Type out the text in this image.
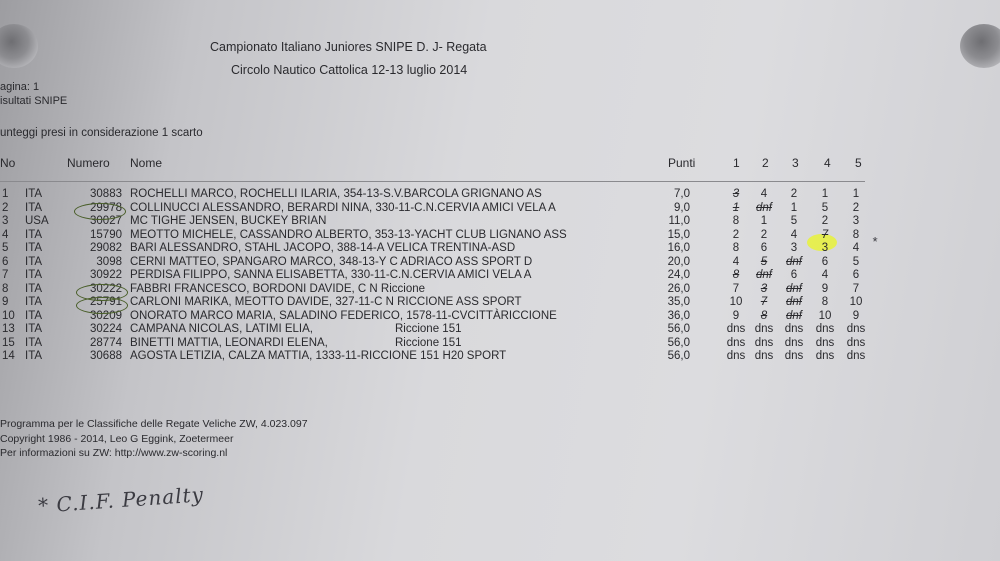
Campionato Italiano Juniores SNIPE D. J- Regata
Circolo Nautico Cattolica 12-13 luglio 2014
agina: 1
isultati SNIPE
unteggi presi in considerazione 1 scarto
No	Numero Nome	Punti	1 2 3 4 5
1 ITA	30883 ROCHELLI MARCO, ROCHELLI ILARIA, 354-13-S.V.BARCOLA GRIGNANO AS	7,0	3	4	2	1	1
2 ITA	29978 COLLINUCCI ALESSANDRO, BERARDI NINA, 330-11-C.N.CERVIA AMICI VELA A	9,0	1	dnf	1	5	2
3 USA	30027 MC TIGHE JENSEN, BUCKEY BRIAN	11,0	8	1	5	2	3
4 ITA	15790 MEOTTO MICHELE, CASSANDRO ALBERTO, 353-13-YACHT CLUB LIGNANO ASS	15,0	2	2	4	7	8
5 ITA	29082 BARI ALESSANDRO, STAHL JACOPO, 388-14-A VELICA TRENTINA-ASD	16,0	8	6	3	3	4
6 ITA	3098 CERNI MATTEO, SPANGARO MARCO, 348-13-Y C ADRIACO ASS SPORT D	20,0	4	5	dnf	6	5
7 ITA	30922 PERDISA FILIPPO, SANNA ELISABETTA, 330-11-C.N.CERVIA AMICI VELA A	24,0	8	dnf	6	4	6
8 ITA	30222 FABBRI FRANCESCO, BORDONI DAVIDE, C N Riccione	26,0	7	3	dnf	9	7
9 ITA	25791 CARLONI MARIKA, MEOTTO DAVIDE, 327-11-C N RICCIONE ASS SPORT	35,0	10	7	dnf	8	10
10 ITA	30209 ONORATO MARCO MARIA, SALADINO FEDERICO, 1578-11-CVCITTÀRICCIONE	36,0	9	8	dnf	10	9
13 ITA	30224 CAMPANA NICOLAS, LATIMI ELIA,	Riccione 151	56,0	dns dns dns dns dns
15 ITA	28774 BINETTI MATTIA, LEONARDI ELENA,	Riccione 151	56,0	dns dns dns dns dns
14 ITA	30688 AGOSTA LETIZIA, CALZA MATTIA, 1333-11-RICCIONE 151 H20 SPORT	56,0	dns dns dns dns dns
Programma per le Classifiche delle Regate Veliche ZW, 4.023.097
Copyright 1986 - 2014, Leo G Eggink, Zoetermeer
Per informazioni su ZW: http://www.zw-scoring.nl
*
* C.I.F. Penalty
